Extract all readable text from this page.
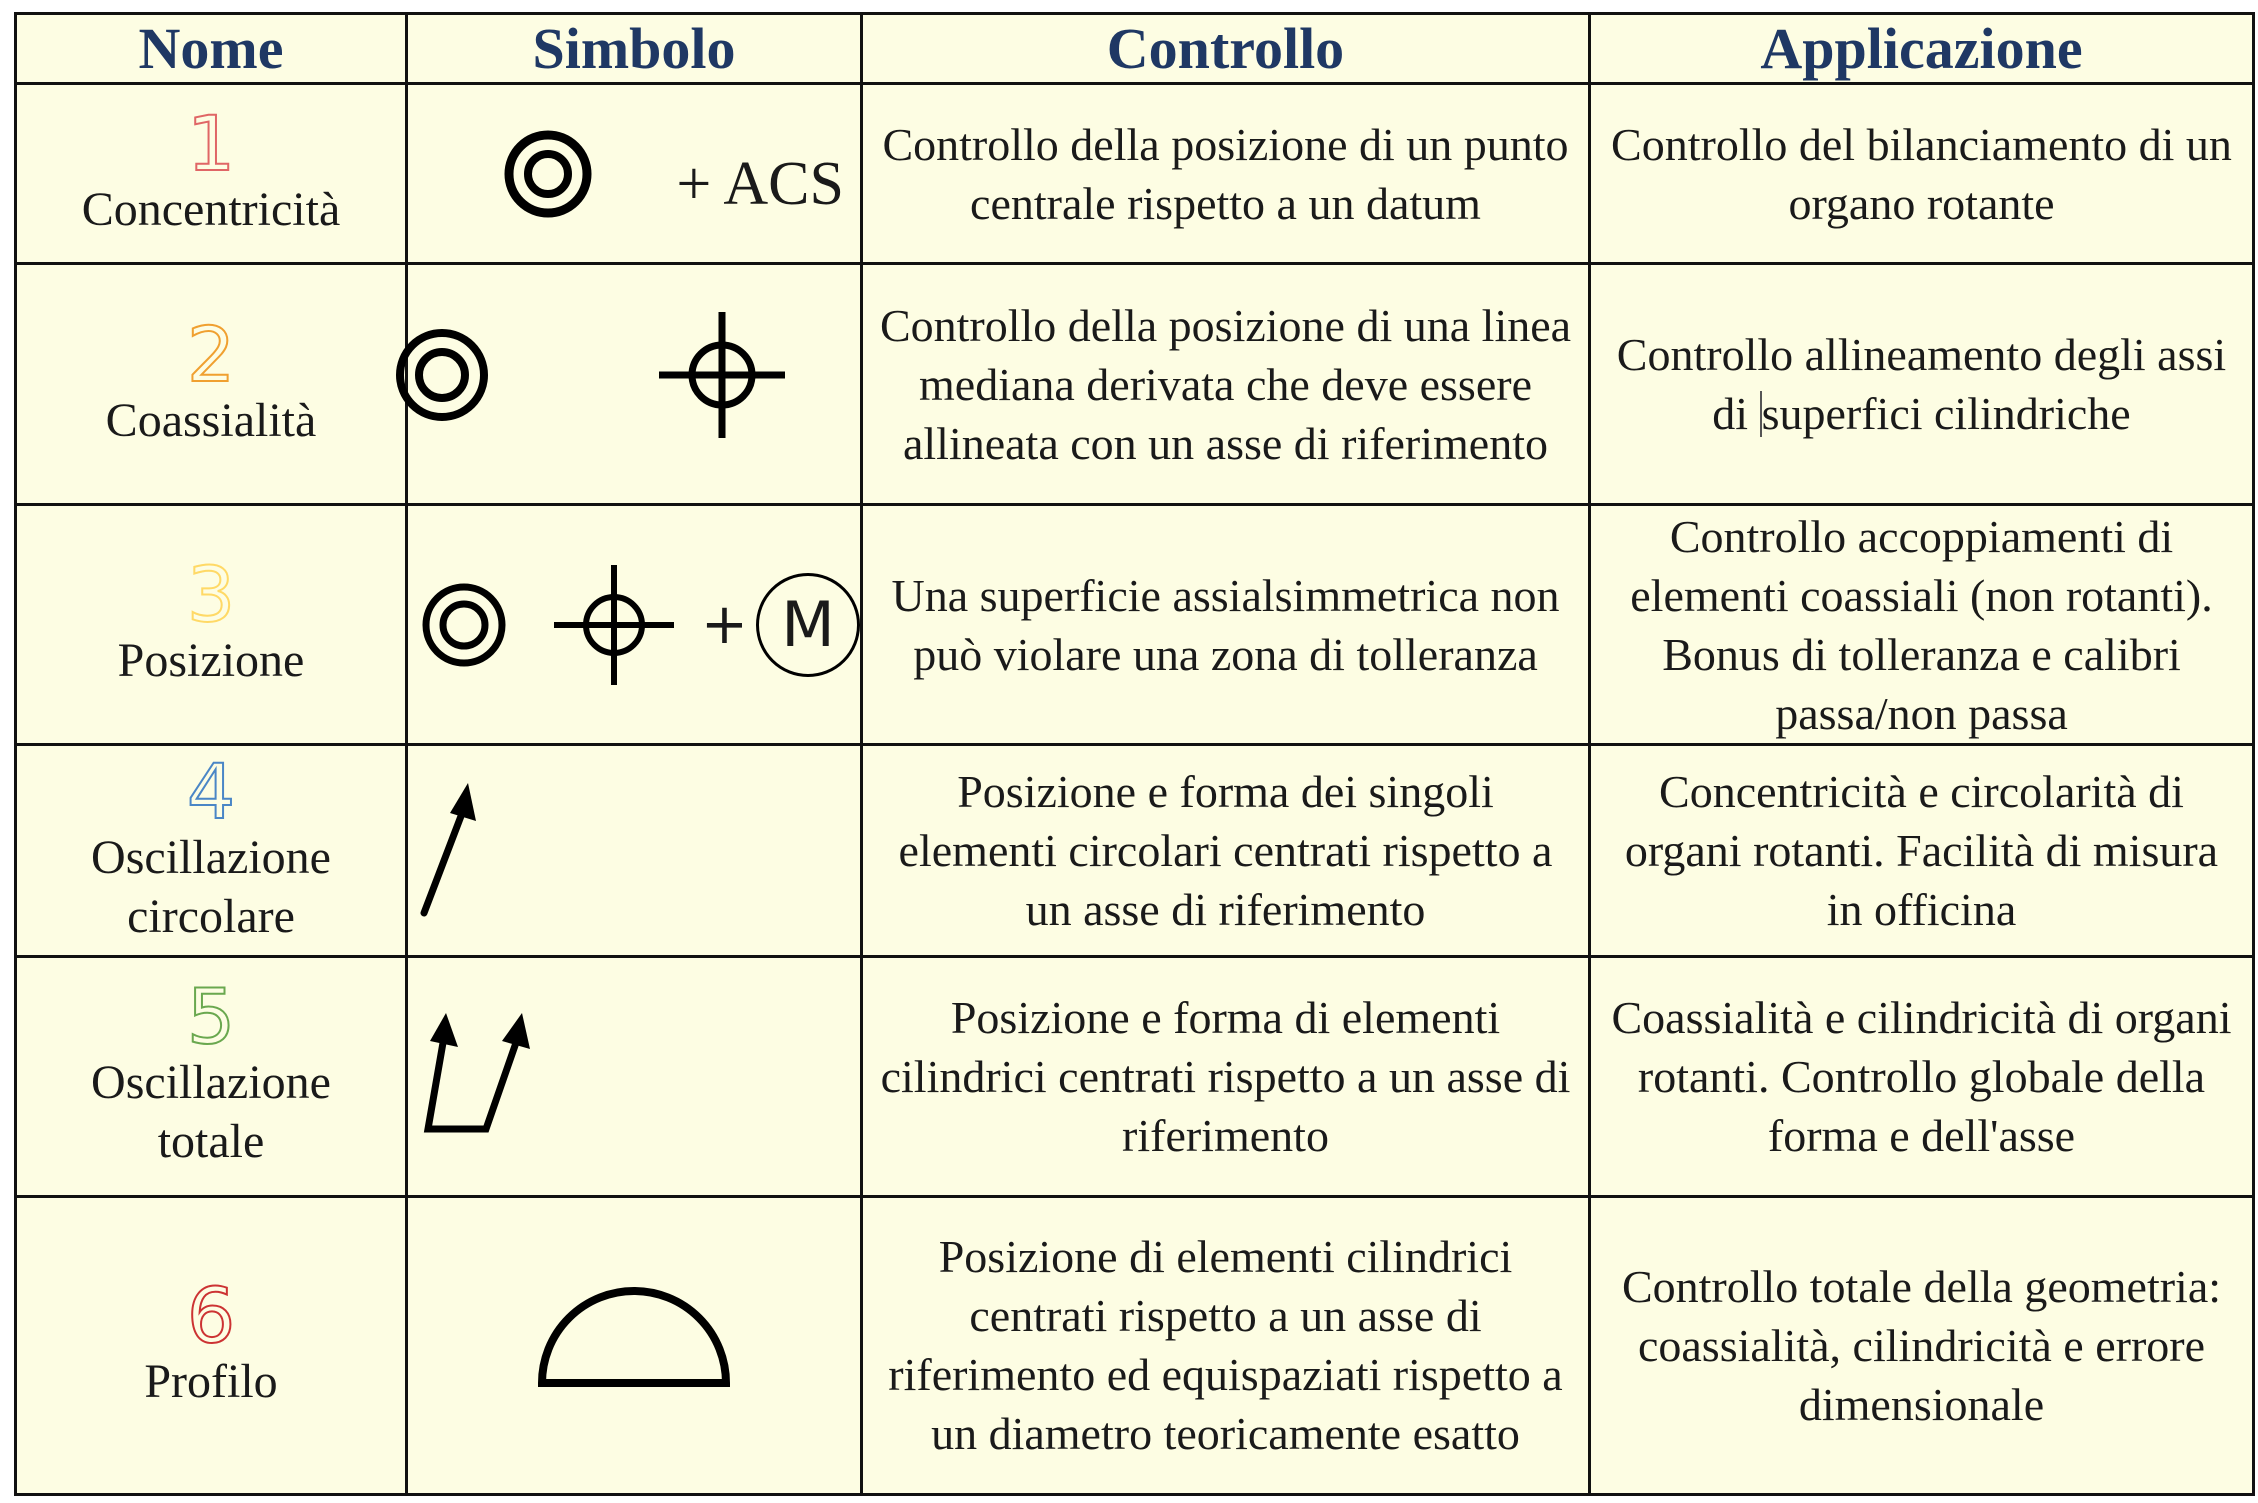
Nome	Simbolo	Controllo	Applicazione

1
Concentricità	+ ACS	Controllo della posizione di un punto centrale rispetto a un datum	Controllo del bilanciamento di un organo rotante

2
Coassialità		Controllo della posizione di una linea mediana derivata che deve essere allineata con un asse di riferimento	Controllo allineamento degli assi di superfici cilindriche

3
Posizione	+ M	Una superficie assialsimmetrica non può violare una zona di tolleranza	Controllo accoppiamenti di elementi coassiali (non rotanti). Bonus di tolleranza e calibri passa/non passa

4
Oscillazione
circolare		Posizione e forma dei singoli elementi circolari centrati rispetto a un asse di riferimento	Concentricità e circolarità di organi rotanti. Facilità di misura in officina

5
Oscillazione
totale		Posizione e forma di elementi cilindrici centrati rispetto a un asse di riferimento	Coassialità e cilindricità di organi rotanti. Controllo globale della forma e dell'asse

6
Profilo		Posizione di elementi cilindrici centrati rispetto a un asse di riferimento ed equispaziati rispetto a un diametro teoricamente esatto	Controllo totale della geometria: coassialità, cilindricità e errore dimensionale
